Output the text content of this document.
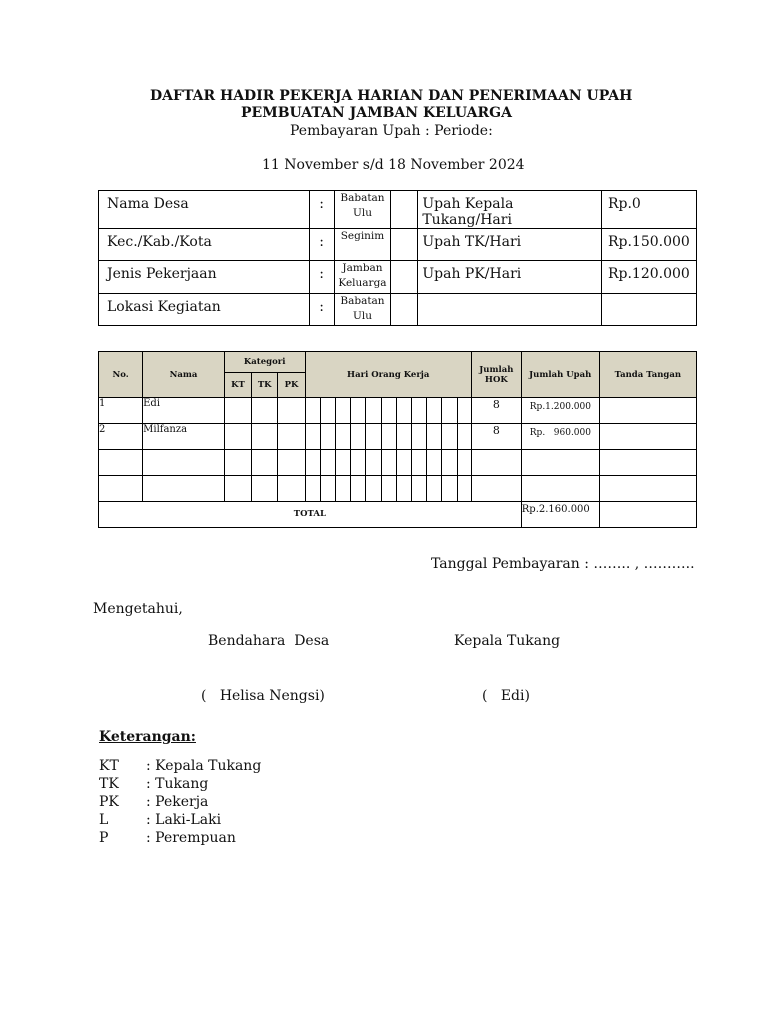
DAFTAR HADIR PEKERJA HARIAN DAN PENERIMAAN UPAH
PEMBUATAN JAMBAN KELUARGA
Pembayaran Upah : Periode:
11 November s/d 18 November 2024
Nama Desa	:	Babatan Ulu		Upah Kepala Tukang/Hari	Rp.0
Kec./Kab./Kota	:	Seginim		Upah TK/Hari	Rp.150.000
Jenis Pekerjaan	:	Jamban Keluarga		Upah PK/Hari	Rp.120.000
Lokasi Kegiatan	:	Babatan Ulu			
No.	Nama	Kategori			Hari Orang Kerja											Jumlah HOK	Jumlah Upah	Tanda Tangan
		KT	TK	PK														
1	Edi															8	Rp.1.200.000	
2	Milfanza															8	Rp.   960.000	

TOTAL																	Rp.2.160.000	
Tanggal Pembayaran : …….. , ………..
Mengetahui,
Bendahara  Desa	Kepala Tukang
(   Helisa Nengsi)	(   Edi)
Keterangan:
KT : Kepala Tukang
TK : Tukang
PK : Pekerja
L	: Laki-Laki
P	: Perempuan
